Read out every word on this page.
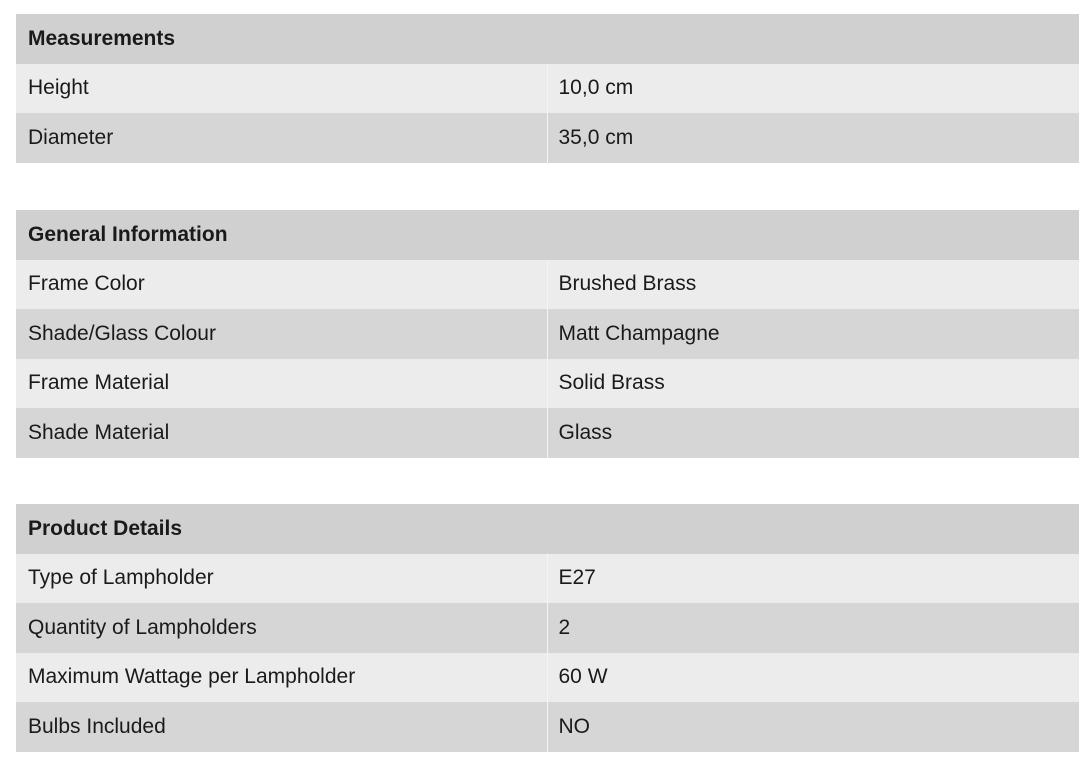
Measurements	
Height	10,0 cm
Diameter	35,0 cm
General Information	
Frame Color	Brushed Brass
Shade/Glass Colour	Matt Champagne
Frame Material	Solid Brass
Shade Material	Glass
Product Details	
Type of Lampholder	E27
Quantity of Lampholders	2
Maximum Wattage per Lampholder	60 W
Bulbs Included	NO
